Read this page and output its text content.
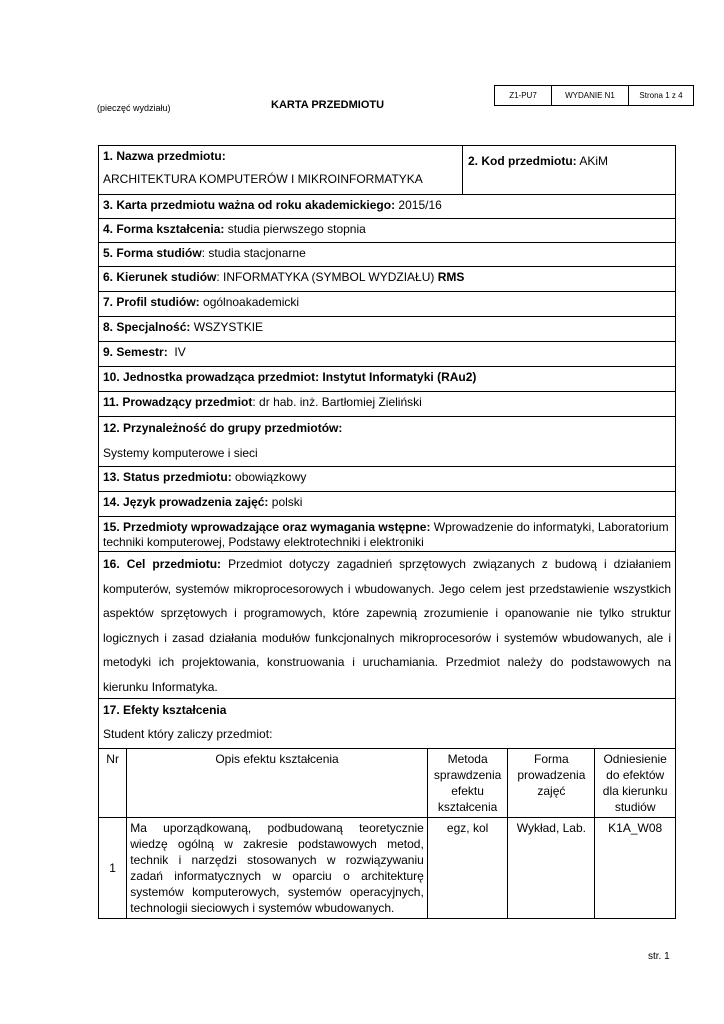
(pieczęć wydziału)	KARTA PRZEDMIOTU
Z1-PU7	WYDANIE N1	Strona 1 z 4
1. Nazwa przedmiotu:
ARCHITEKTURA KOMPUTERÓW I MIKROINFORMATYKA
2. Kod przedmiotu: AKiM
3. Karta przedmiotu ważna od roku akademickiego: 2015/16
4. Forma kształcenia: studia pierwszego stopnia
5. Forma studiów: studia stacjonarne
6. Kierunek studiów: INFORMATYKA (SYMBOL WYDZIAŁU) RMS
7. Profil studiów: ogólnoakademicki
8. Specjalność: WSZYSTKIE
9. Semestr: IV
10. Jednostka prowadząca przedmiot: Instytut Informatyki (RAu2)
11. Prowadzący przedmiot: dr hab. inż. Bartłomiej Zieliński
12. Przynależność do grupy przedmiotów:
Systemy komputerowe i sieci
13. Status przedmiotu: obowiązkowy
14. Język prowadzenia zajęć: polski
15. Przedmioty wprowadzające oraz wymagania wstępne: Wprowadzenie do informatyki, Laboratorium techniki komputerowej, Podstawy elektrotechniki i elektroniki
16. Cel przedmiotu: Przedmiot dotyczy zagadnień sprzętowych związanych z budową i działaniem komputerów, systemów mikroprocesorowych i wbudowanych. Jego celem jest przedstawienie wszystkich aspektów sprzętowych i programowych, które zapewnią zrozumienie i opanowanie nie tylko struktur logicznych i zasad działania modułów funkcjonalnych mikroprocesorów i systemów wbudowanych, ale i metodyki ich projektowania, konstruowania i uruchamiania. Przedmiot należy do podstawowych na kierunku Informatyka.
17. Efekty kształcenia
Student który zaliczy przedmiot:
Nr	Opis efektu kształcenia	Metoda sprawdzenia efektu kształcenia	Forma prowadzenia zajęć	Odniesienie do efektów dla kierunku studiów
1	Ma uporządkowaną, podbudowaną teoretycznie wiedzę ogólną w zakresie podstawowych metod, technik i narzędzi stosowanych w rozwiązywaniu zadań informatycznych w oparciu o architekturę systemów komputerowych, systemów operacyjnych, technologii sieciowych i systemów wbudowanych.	egz, kol	Wykład, Lab.	K1A_W08
str. 1
